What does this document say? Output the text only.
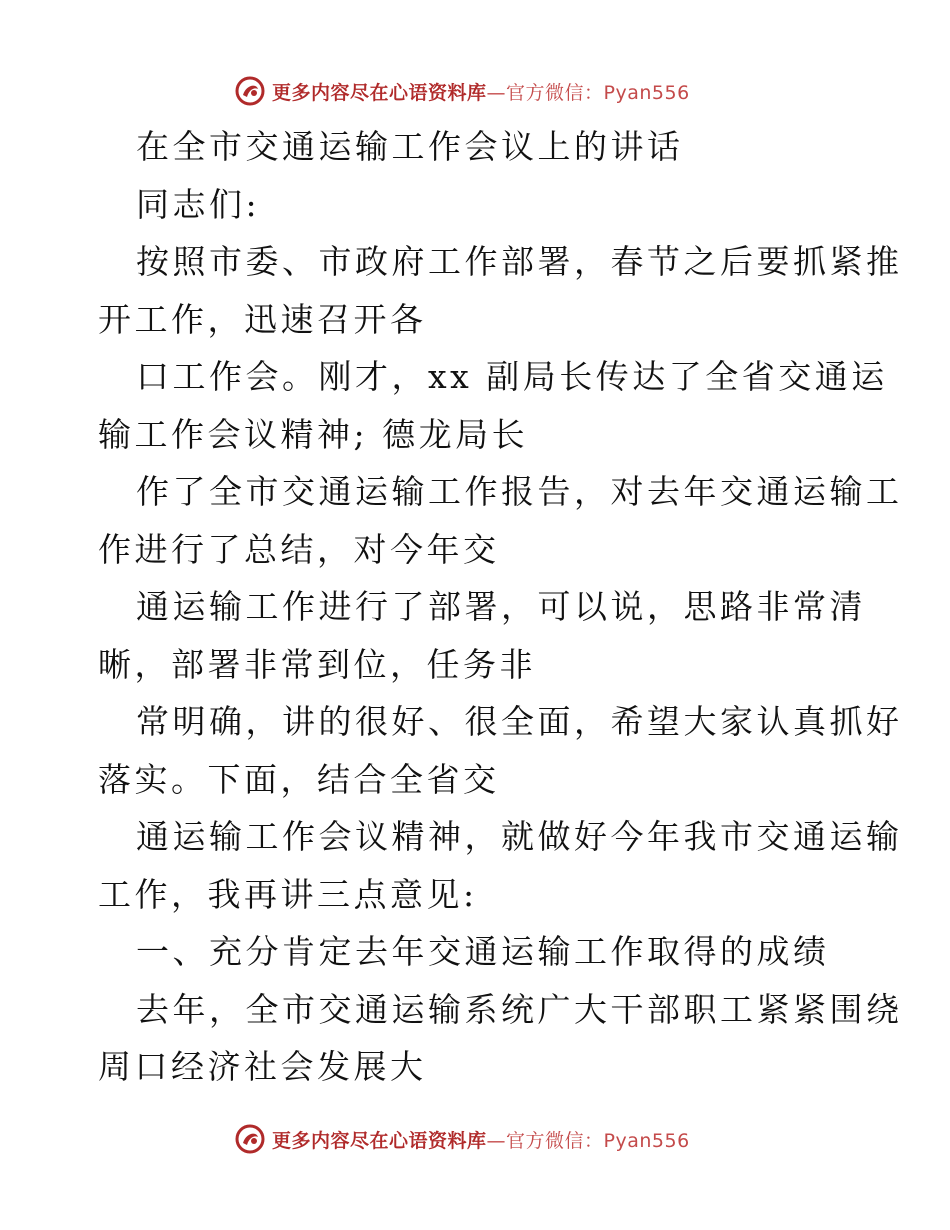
更多内容尽在心语资料库 —官方微信：Pyan556
在全市交通运输工作会议上的讲话
同志们:
按照市委、市政府工作部署，春节之后要抓紧推
开工作，迅速召开各
口工作会。刚才，xx 副局长传达了全省交通运
输工作会议精神; 德龙局长
作了全市交通运输工作报告，对去年交通运输工
作进行了总结，对今年交
通运输工作进行了部署，可以说，思路非常清
晰，部署非常到位，任务非
常明确，讲的很好、很全面，希望大家认真抓好
落实。下面，结合全省交
通运输工作会议精神，就做好今年我市交通运输
工作，我再讲三点意见:
一、充分肯定去年交通运输工作取得的成绩
去年，全市交通运输系统广大干部职工紧紧围绕
周口经济社会发展大
更多内容尽在心语资料库 —官方微信：Pyan556
